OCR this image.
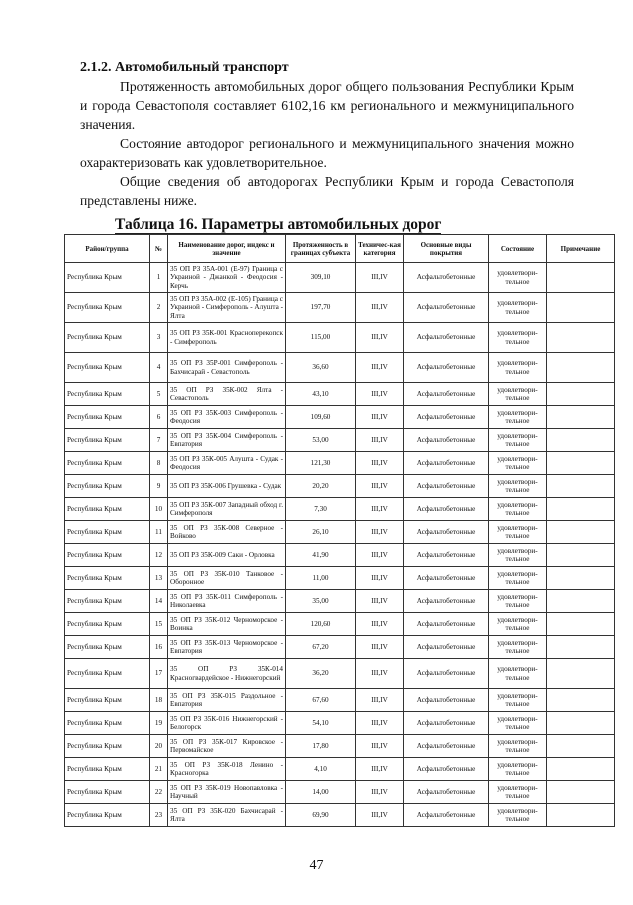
2.1.2. Автомобильный транспорт
Протяженность автомобильных дорог общего пользования Республики Крым и города Севастополя составляет 6102,16 км регионального и межмуниципального значения.
Состояние автодорог регионального и межмуниципального значения можно охарактеризовать как удовлетворительное.
Общие сведения об автодорогах Республики Крым и города Севастополя представлены ниже.
Таблица 16. Параметры автомобильных дорог
Район/группа	№	Наименование дорог, индекс и значение	Протяженность в границах субъекта	Техничес-кая категория	Основные виды покрытия	Состояние	Примечание
Республика Крым	1	35 ОП РЗ 35А-001 (Е-97) Граница с Украиной - Джанкой - Феодосия - Керчь	309,10	III,IV	Асфальтобетонные	удовлетвори-тельное	
Республика Крым	2	35 ОП РЗ 35А-002 (Е-105) Граница с Украиной - Симферополь - Алушта - Ялта	197,70	III,IV	Асфальтобетонные	удовлетвори-тельное	
Республика Крым	3	35 ОП РЗ 35К-001 Красноперекопск - Симферополь	115,00	III,IV	Асфальтобетонные	удовлетвори-тельное	
Республика Крым	4	35 ОП РЗ 35Р-001 Симферополь - Бахчисарай - Севастополь	36,60	III,IV	Асфальтобетонные	удовлетвори-тельное	
Республика Крым	5	35 ОП РЗ 35К-002 Ялта - Севастополь	43,10	III,IV	Асфальтобетонные	удовлетвори-тельное	
Республика Крым	6	35 ОП РЗ 35К-003 Симферополь - Феодосия	109,60	III,IV	Асфальтобетонные	удовлетвори-тельное	
Республика Крым	7	35 ОП РЗ 35К-004 Симферополь - Евпатория	53,00	III,IV	Асфальтобетонные	удовлетвори-тельное	
Республика Крым	8	35 ОП РЗ 35К-005 Алушта - Судак - Феодосия	121,30	III,IV	Асфальтобетонные	удовлетвори-тельное	
Республика Крым	9	35 ОП РЗ 35К-006 Грушевка - Судак	20,20	III,IV	Асфальтобетонные	удовлетвори-тельное	
Республика Крым	10	35 ОП РЗ 35К-007 Западный обход г. Симферополя	7,30	III,IV	Асфальтобетонные	удовлетвори-тельное	
Республика Крым	11	35 ОП РЗ 35К-008 Северное - Войково	26,10	III,IV	Асфальтобетонные	удовлетвори-тельное	
Республика Крым	12	35 ОП РЗ 35К-009 Саки - Орловка	41,90	III,IV	Асфальтобетонные	удовлетвори-тельное	
Республика Крым	13	35 ОП РЗ 35К-010 Танковое - Оборонное	11,00	III,IV	Асфальтобетонные	удовлетвори-тельное	
Республика Крым	14	35 ОП РЗ 35К-011 Симферополь - Николаевка	35,00	III,IV	Асфальтобетонные	удовлетвори-тельное	
Республика Крым	15	35 ОП РЗ 35К-012 Черноморское - Воинка	120,60	III,IV	Асфальтобетонные	удовлетвори-тельное	
Республика Крым	16	35 ОП РЗ 35К-013 Черноморское - Евпатория	67,20	III,IV	Асфальтобетонные	удовлетвори-тельное	
Республика Крым	17	35 ОП РЗ 35К-014 Красногвардейское - Нижнегорский	36,20	III,IV	Асфальтобетонные	удовлетвори-тельное	
Республика Крым	18	35 ОП РЗ 35К-015 Раздольное - Евпатория	67,60	III,IV	Асфальтобетонные	удовлетвори-тельное	
Республика Крым	19	35 ОП РЗ 35К-016 Нижнегорский - Белогорск	54,10	III,IV	Асфальтобетонные	удовлетвори-тельное	
Республика Крым	20	35 ОП РЗ 35К-017 Кировское - Первомайское	17,80	III,IV	Асфальтобетонные	удовлетвори-тельное	
Республика Крым	21	35 ОП РЗ 35К-018 Ленино - Красногорка	4,10	III,IV	Асфальтобетонные	удовлетвори-тельное	
Республика Крым	22	35 ОП РЗ 35К-019 Новопавловка - Научный	14,00	III,IV	Асфальтобетонные	удовлетвори-тельное	
Республика Крым	23	35 ОП РЗ 35К-020 Бахчисарай - Ялта	69,90	III,IV	Асфальтобетонные	удовлетвори-тельное	
47
